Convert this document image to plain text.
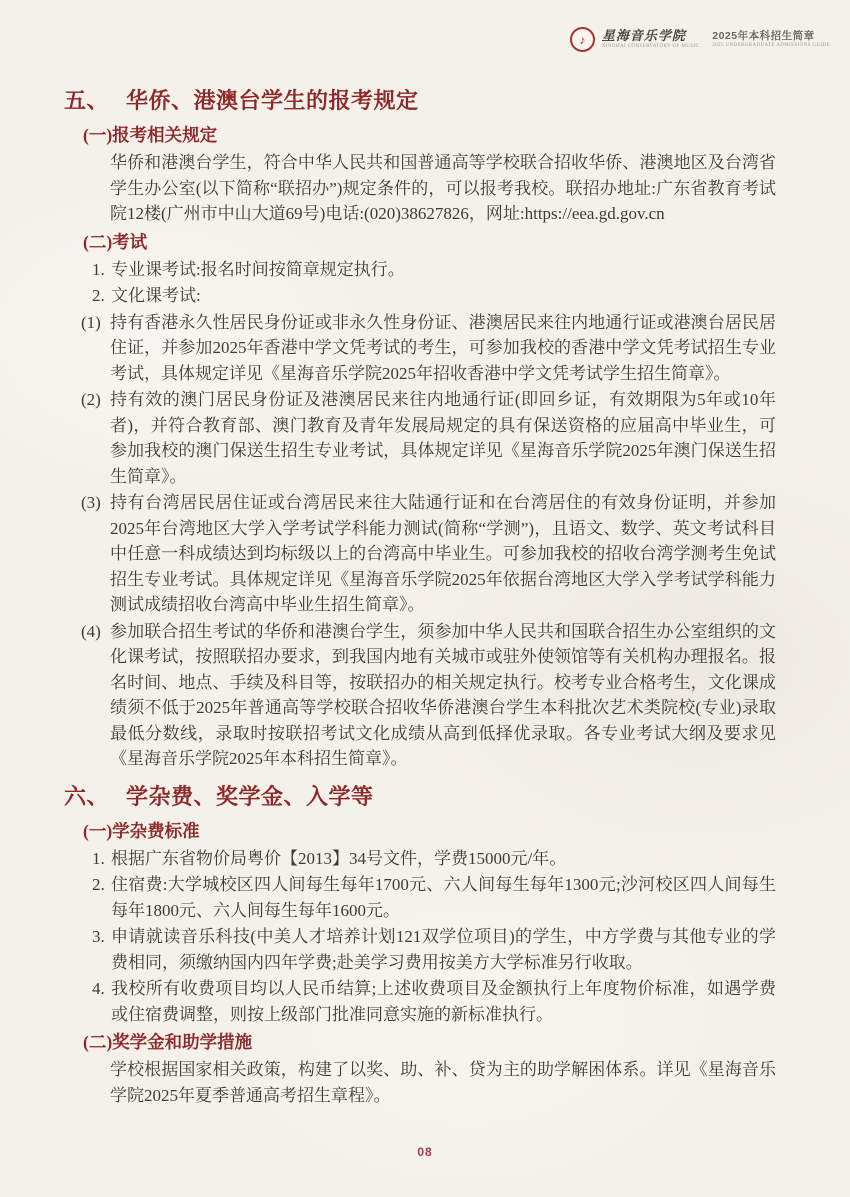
♪	星海音乐学院
XINGHAI CONSERVATORY OF MUSIC
2025年本科招生简章
2025 UNDERGRADUATE ADMISSIONS GUIDE
五、 华侨、港澳台学生的报考规定
(一)报考相关规定
华侨和港澳台学生，符合中华人民共和国普通高等学校联合招收华侨、港澳地区及台湾省学生办公室(以下简称“联招办”)规定条件的，可以报考我校。联招办地址:广东省教育考试院12楼(广州市中山大道69号)电话:(020)38627826，网址:https://eea.gd.gov.cn
(二)考试
1. 专业课考试:报名时间按简章规定执行。
2. 文化课考试:
(1) 持有香港永久性居民身份证或非永久性身份证、港澳居民来往内地通行证或港澳台居民居住证，并参加2025年香港中学文凭考试的考生，可参加我校的香港中学文凭考试招生专业考试，具体规定详见《星海音乐学院2025年招收香港中学文凭考试学生招生简章》。
(2) 持有效的澳门居民身份证及港澳居民来往内地通行证(即回乡证，有效期限为5年或10年者)，并符合教育部、澳门教育及青年发展局规定的具有保送资格的应届高中毕业生，可参加我校的澳门保送生招生专业考试，具体规定详见《星海音乐学院2025年澳门保送生招生简章》。
(3) 持有台湾居民居住证或台湾居民来往大陆通行证和在台湾居住的有效身份证明，并参加2025年台湾地区大学入学考试学科能力测试(简称“学测”)，且语文、数学、英文考试科目中任意一科成绩达到均标级以上的台湾高中毕业生。可参加我校的招收台湾学测考生免试招生专业考试。具体规定详见《星海音乐学院2025年依据台湾地区大学入学考试学科能力测试成绩招收台湾高中毕业生招生简章》。
(4) 参加联合招生考试的华侨和港澳台学生，须参加中华人民共和国联合招生办公室组织的文化课考试，按照联招办要求，到我国内地有关城市或驻外使领馆等有关机构办理报名。报名时间、地点、手续及科目等，按联招办的相关规定执行。校考专业合格考生，文化课成绩须不低于2025年普通高等学校联合招收华侨港澳台学生本科批次艺术类院校(专业)录取最低分数线，录取时按联招考试文化成绩从高到低择优录取。各专业考试大纲及要求见《星海音乐学院2025年本科招生简章》。
六、 学杂费、奖学金、入学等
(一)学杂费标准
1. 根据广东省物价局粤价【2013】34号文件，学费15000元/年。
2. 住宿费:大学城校区四人间每生每年1700元、六人间每生每年1300元;沙河校区四人间每生每年1800元、六人间每生每年1600元。
3. 申请就读音乐科技(中美人才培养计划121双学位项目)的学生，中方学费与其他专业的学费相同，须缴纳国内四年学费;赴美学习费用按美方大学标准另行收取。
4. 我校所有收费项目均以人民币结算;上述收费项目及金额执行上年度物价标准，如遇学费或住宿费调整，则按上级部门批准同意实施的新标准执行。
(二)奖学金和助学措施
学校根据国家相关政策，构建了以奖、助、补、贷为主的助学解困体系。详见《星海音乐学院2025年夏季普通高考招生章程》。
08
